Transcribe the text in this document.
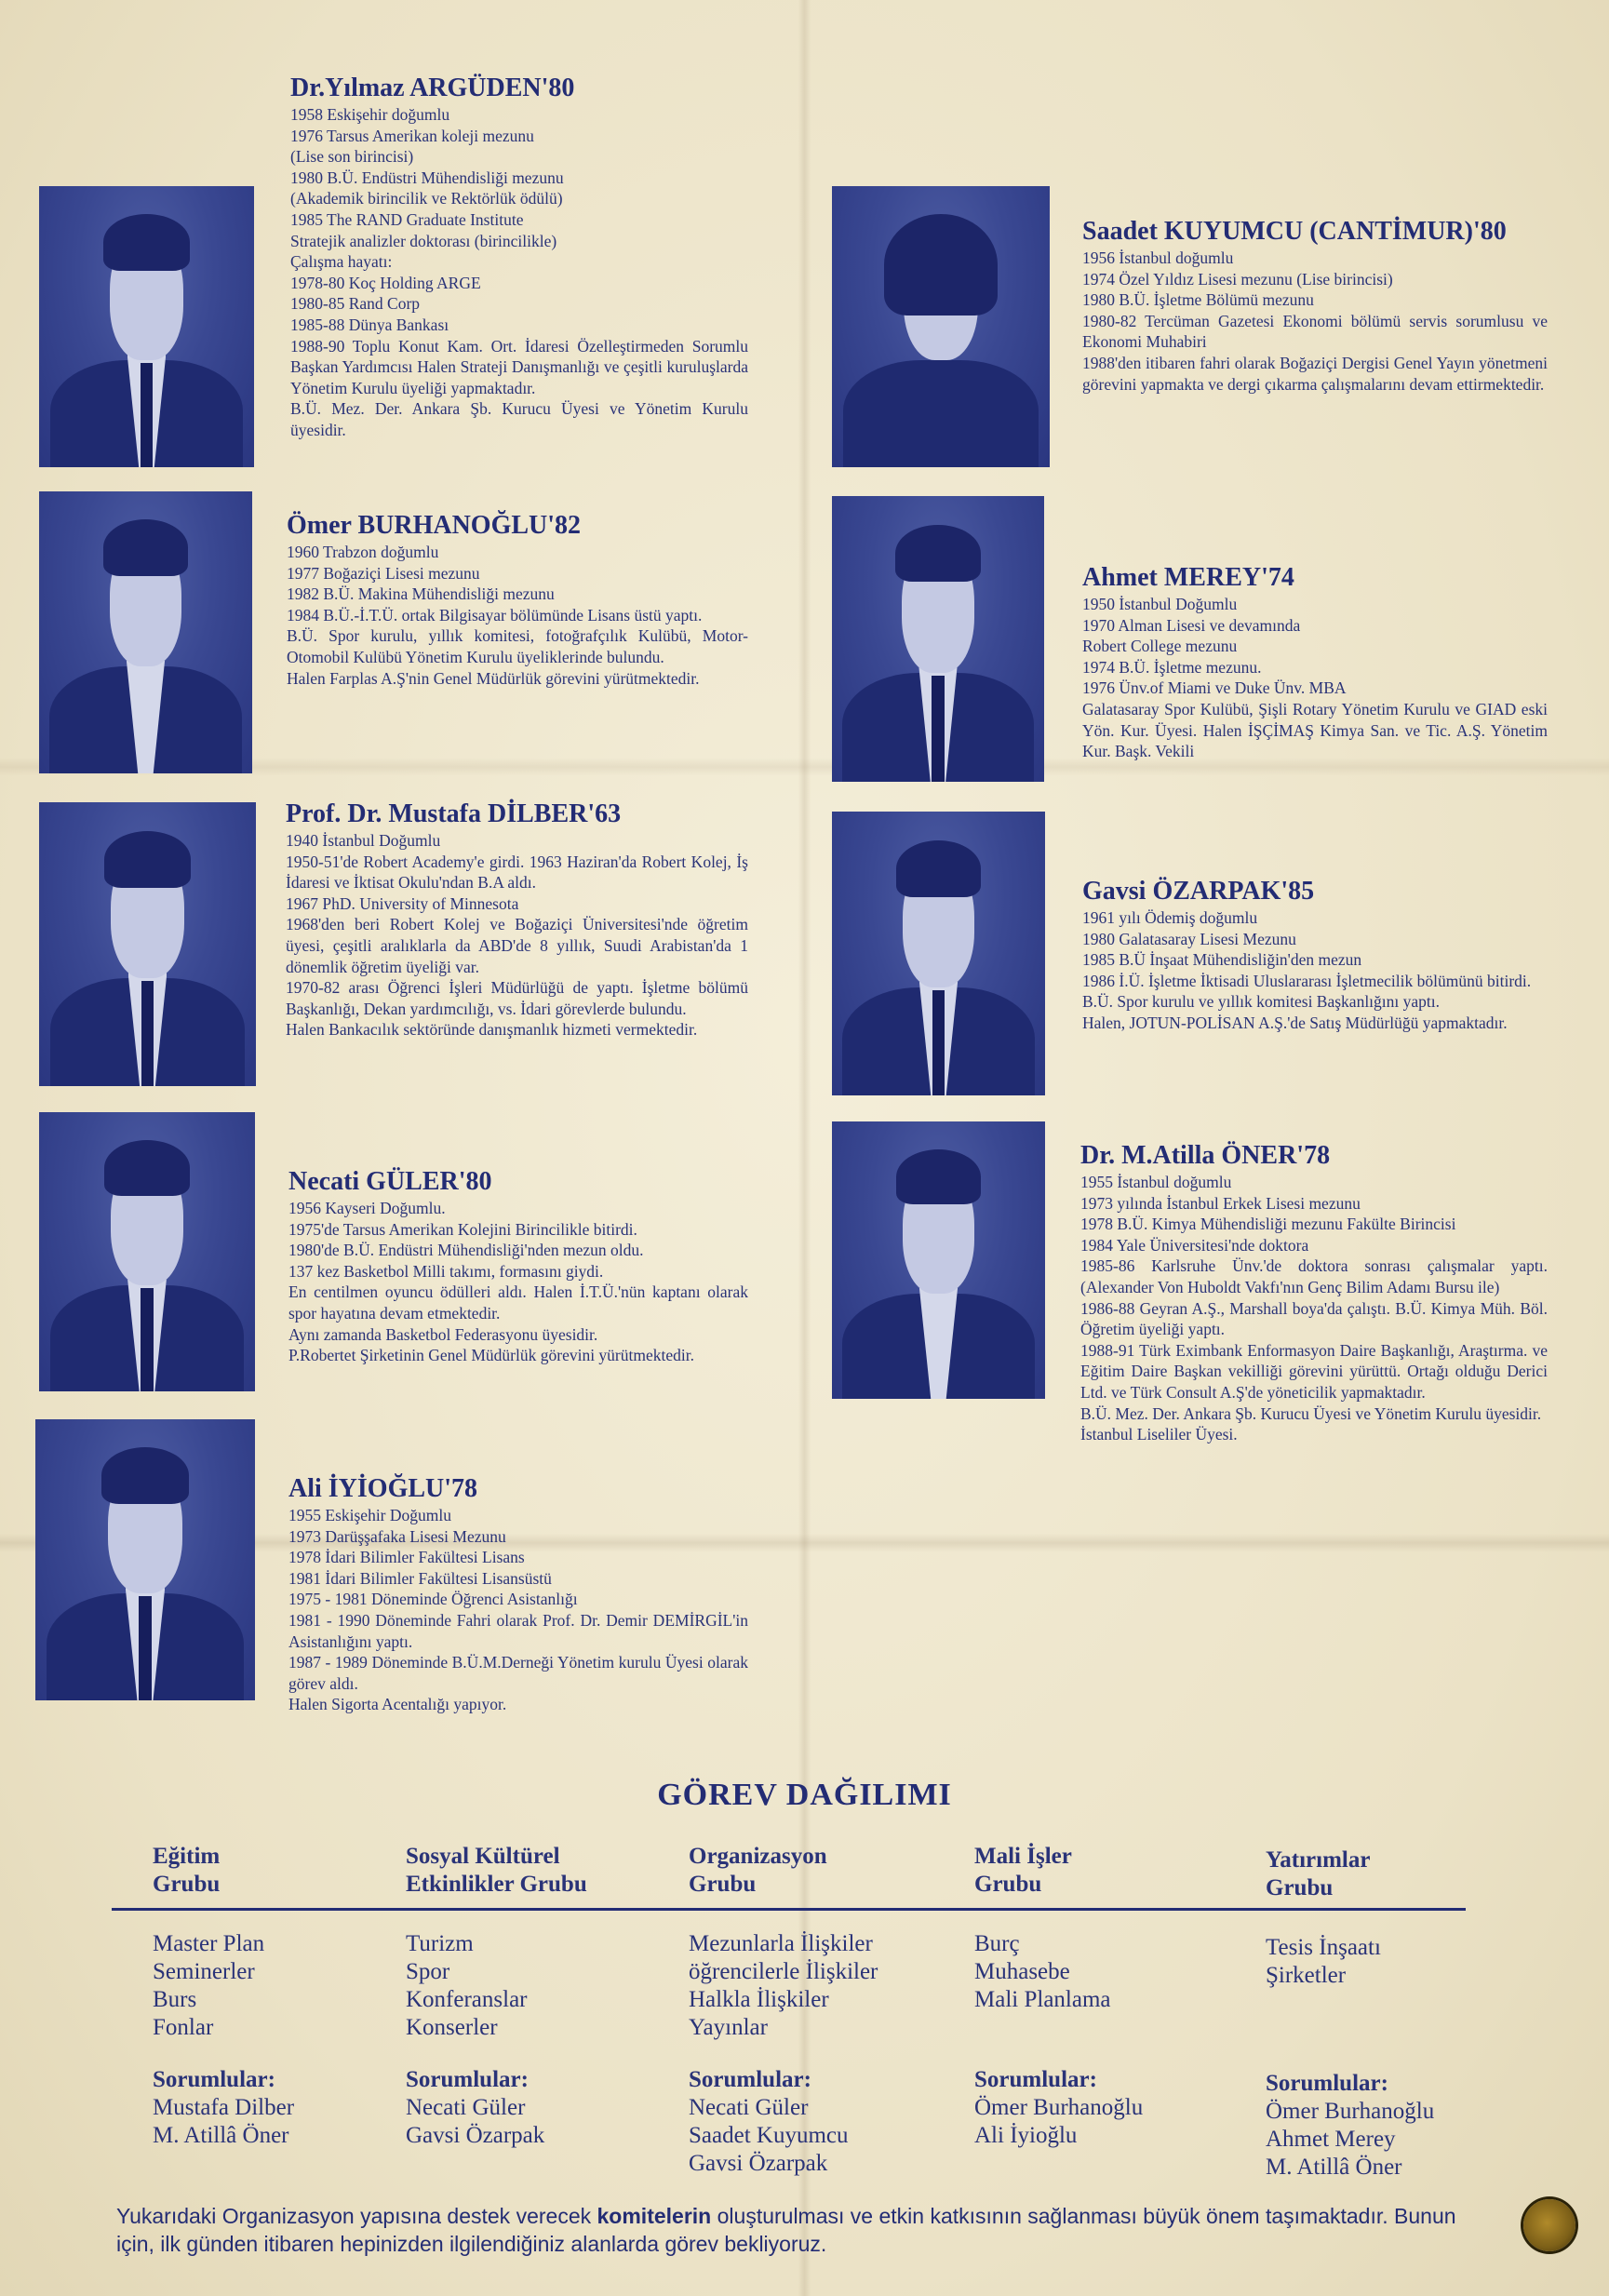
Dr.Yılmaz ARGÜDEN'80

1958 Eskişehir doğumlu
1976 Tarsus Amerikan koleji mezunu
(Lise son birincisi)
1980 B.Ü. Endüstri Mühendisliği mezunu
(Akademik birincilik ve Rektörlük ödülü)
1985 The RAND Graduate Institute
Stratejik analizler doktorası (birincilikle)
Çalışma hayatı:
1978-80 Koç Holding ARGE
1980-85 Rand Corp
1985-88 Dünya Bankası
1988-90 Toplu Konut Kam. Ort. İdaresi Özelleştirmeden Sorumlu Başkan Yardımcısı Halen Strateji Danışmanlığı ve çeşitli kuruluşlarda Yönetim Kurulu üyeliği yapmaktadır.
B.Ü. Mez. Der. Ankara Şb. Kurucu Üyesi ve Yönetim Kurulu üyesidir.

Ömer BURHANOĞLU'82

1960 Trabzon doğumlu
1977 Boğaziçi Lisesi mezunu
1982 B.Ü. Makina Mühendisliği mezunu
1984 B.Ü.-İ.T.Ü. ortak Bilgisayar bölümünde Lisans üstü yaptı.
B.Ü. Spor kurulu, yıllık komitesi, fotoğrafçılık Kulübü, Motor-Otomobil Kulübü Yönetim Kurulu üyeliklerinde bulundu.
Halen Farplas A.Ş'nin Genel Müdürlük görevini yürütmektedir.

Prof. Dr. Mustafa DİLBER'63

1940 İstanbul Doğumlu
1950-51'de Robert Academy'e girdi. 1963 Haziran'da Robert Kolej, İş İdaresi ve İktisat Okulu'ndan B.A aldı.
1967 PhD. University of Minnesota
1968'den beri Robert Kolej ve Boğaziçi Üniversitesi'nde öğretim üyesi, çeşitli aralıklarla da ABD'de 8 yıllık, Suudi Arabistan'da 1 dönemlik öğretim üyeliği var.
1970-82 arası Öğrenci İşleri Müdürlüğü de yaptı. İşletme bölümü Başkanlığı, Dekan yardımcılığı, vs. İdari görevlerde bulundu.
Halen Bankacılık sektöründe danışmanlık hizmeti vermektedir.

Necati GÜLER'80

1956 Kayseri Doğumlu.
1975'de Tarsus Amerikan Kolejini Birincilikle bitirdi.
1980'de B.Ü. Endüstri Mühendisliği'nden mezun oldu.
137 kez Basketbol Milli takımı, formasını giydi.
En centilmen oyuncu ödülleri aldı. Halen İ.T.Ü.'nün kaptanı olarak spor hayatına devam etmektedir.
Aynı zamanda Basketbol Federasyonu üyesidir.
P.Robertet Şirketinin Genel Müdürlük görevini yürütmektedir.

Ali İYİOĞLU'78

1955 Eskişehir Doğumlu
1973 Darüşşafaka Lisesi Mezunu
1978 İdari Bilimler Fakültesi Lisans
1981 İdari Bilimler Fakültesi Lisansüstü
1975 - 1981 Döneminde Öğrenci Asistanlığı
1981 - 1990 Döneminde Fahri olarak Prof. Dr. Demir DEMİRGİL'in Asistanlığını yaptı.
1987 - 1989 Döneminde B.Ü.M.Derneği Yönetim kurulu Üyesi olarak görev aldı.
Halen Sigorta Acentalığı yapıyor.

Saadet KUYUMCU (CANTİMUR)'80

1956 İstanbul doğumlu
1974 Özel Yıldız Lisesi mezunu (Lise birincisi)
1980 B.Ü. İşletme Bölümü mezunu
1980-82 Tercüman Gazetesi Ekonomi bölümü servis sorumlusu ve Ekonomi Muhabiri
1988'den itibaren fahri olarak Boğaziçi Dergisi Genel Yayın yönetmeni görevini yapmakta ve dergi çıkarma çalışmalarını devam ettirmektedir.

Ahmet MEREY'74

1950 İstanbul Doğumlu
1970 Alman Lisesi ve devamında
Robert College mezunu
1974 B.Ü. İşletme mezunu.
1976 Ünv.of Miami ve Duke Ünv. MBA
Galatasaray Spor Kulübü, Şişli Rotary Yönetim Kurulu ve GIAD eski Yön. Kur. Üyesi. Halen İŞÇİMAŞ Kimya San. ve Tic. A.Ş. Yönetim Kur. Başk. Vekili

Gavsi ÖZARPAK'85

1961 yılı Ödemiş doğumlu
1980 Galatasaray Lisesi Mezunu
1985 B.Ü İnşaat Mühendisliğin'den mezun
1986 İ.Ü. İşletme İktisadi Uluslararası İşletmecilik bölümünü bitirdi.
B.Ü. Spor kurulu ve yıllık komitesi Başkanlığını yaptı.
Halen, JOTUN-POLİSAN A.Ş.'de Satış Müdürlüğü yapmaktadır.

Dr. M.Atilla ÖNER'78

1955 İstanbul doğumlu
1973 yılında İstanbul Erkek Lisesi mezunu
1978 B.Ü. Kimya Mühendisliği mezunu Fakülte Birincisi
1984 Yale Üniversitesi'nde doktora
1985-86 Karlsruhe Ünv.'de doktora sonrası çalışmalar yaptı. (Alexander Von Huboldt Vakfı'nın Genç Bilim Adamı Bursu ile)
1986-88 Geyran A.Ş., Marshall boya'da çalıştı. B.Ü. Kimya Müh. Böl. Öğretim üyeliği yaptı.
1988-91 Türk Eximbank Enformasyon Daire Başkanlığı, Araştırma. ve Eğitim Daire Başkan vekilliği görevini yürüttü. Ortağı olduğu Derici Ltd. ve Türk Consult A.Ş'de yöneticilik yapmaktadır.
B.Ü. Mez. Der. Ankara Şb. Kurucu Üyesi ve Yönetim Kurulu üyesidir.
İstanbul Liseliler Üyesi.

GÖREV DAĞILIMI
Eğitim
Grubu
Master Plan
Seminerler
Burs
Fonlar
Sorumlular:
Mustafa Dilber
M. Atillâ Öner
Sosyal Kültürel
Etkinlikler Grubu
Turizm
Spor
Konferanslar
Konserler
Sorumlular:
Necati Güler
Gavsi Özarpak
Organizasyon
Grubu
Mezunlarla İlişkiler
öğrencilerle İlişkiler
Halkla İlişkiler
Yayınlar
Sorumlular:
Necati Güler
Saadet Kuyumcu
Gavsi Özarpak
Mali İşler
Grubu
Burç
Muhasebe
Mali Planlama
Sorumlular:
Ömer Burhanoğlu
Ali İyioğlu
Yatırımlar
Grubu
Tesis İnşaatı
Şirketler
Sorumlular:
Ömer Burhanoğlu
Ahmet Merey
M. Atillâ Öner
Yukarıdaki Organizasyon yapısına destek verecek komitelerin oluşturulması ve etkin katkısının sağlanması büyük önem taşımaktadır. Bunun için, ilk günden itibaren hepinizden ilgilendiğiniz alanlarda görev bekliyoruz.
